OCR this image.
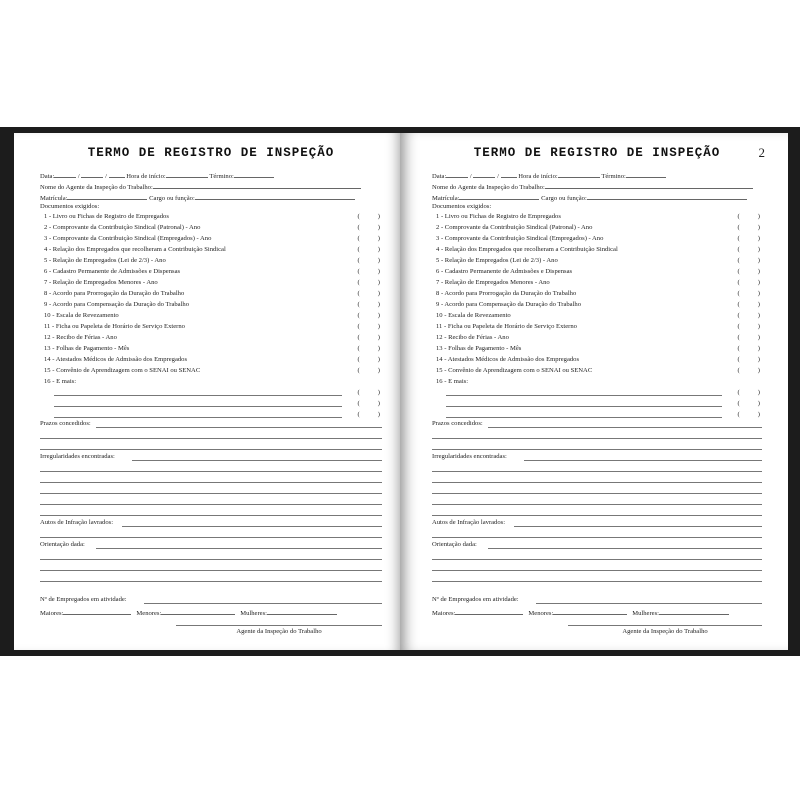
TERMO DE REGISTRO DE INSPEÇÃO
Data:	/	/	Hora de início:	Término:
Nome do Agente da Inspeção do Trabalho:
Matrícula:	Cargo ou função:
Documentos exigidos:
1 - Livro ou Fichas de Registro de Empregados	(           )
2 - Comprovante da Contribuição Sindical (Patronal) - Ano	(           )
3 - Comprovante da Contribuição Sindical (Empregados) - Ano	(           )
4 - Relação dos Empregados que recolheram a Contribuição Sindical	(           )
5 - Relação de Empregados (Lei de 2/3) - Ano	(           )
6 - Cadastro Permanente de Admissões e Dispensas	(           )
7 - Relação de Empregados Menores - Ano	(           )
8 - Acordo para Prorrogação da Duração do Trabalho	(           )
9 - Acordo para Compensação da Duração do Trabalho	(           )
10 - Escala de Revezamento	(           )
11 - Ficha ou Papeleta de Horário de Serviço Externo	(           )
12 - Recibo de Férias - Ano	(           )
13 - Folhas de Pagamento - Mês	(           )
14 - Atestados Médicos de Admissão dos Empregados	(           )
15 - Convênio de Aprendizagem com o SENAI ou SENAC	(           )
16 - E mais:
(           )
(           )
(           )
Prazos concedidos:
Irregularidades encontradas:
Autos de Infração lavrados:
Orientação dada:
Nº de Empregados em atividade:
Maiores:	Menores:	Mulheres:
Agente da Inspeção do Trabalho
TERMO DE REGISTRO DE INSPEÇÃO	2
Data:	/	/	Hora de início:	Término:
Nome do Agente da Inspeção do Trabalho:
Matrícula:	Cargo ou função:
Documentos exigidos:
1 - Livro ou Fichas de Registro de Empregados	(           )
2 - Comprovante da Contribuição Sindical (Patronal) - Ano	(           )
3 - Comprovante da Contribuição Sindical (Empregados) - Ano	(           )
4 - Relação dos Empregados que recolheram a Contribuição Sindical	(           )
5 - Relação de Empregados (Lei de 2/3) - Ano	(           )
6 - Cadastro Permanente de Admissões e Dispensas	(           )
7 - Relação de Empregados Menores - Ano	(           )
8 - Acordo para Prorrogação da Duração do Trabalho	(           )
9 - Acordo para Compensação da Duração do Trabalho	(           )
10 - Escala de Revezamento	(           )
11 - Ficha ou Papeleta de Horário de Serviço Externo	(           )
12 - Recibo de Férias - Ano	(           )
13 - Folhas de Pagamento - Mês	(           )
14 - Atestados Médicos de Admissão dos Empregados	(           )
15 - Convênio de Aprendizagem com o SENAI ou SENAC	(           )
16 - E mais:
(           )
(           )
(           )
Prazos concedidos:
Irregularidades encontradas:
Autos de Infração lavrados:
Orientação dada:
Nº de Empregados em atividade:
Maiores:	Menores:	Mulheres:
Agente da Inspeção do Trabalho
